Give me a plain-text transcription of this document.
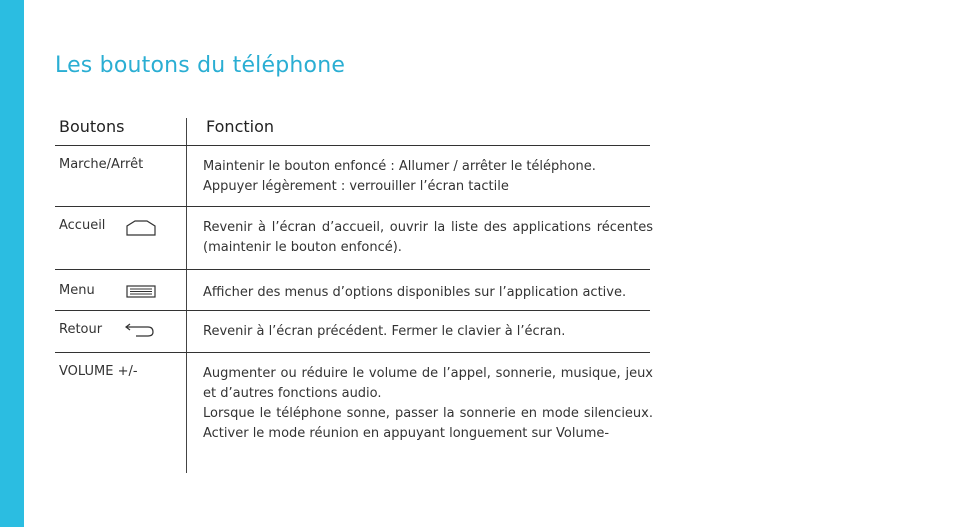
Les boutons du téléphone
Boutons	Fonction
Marche/Arrêt	Maintenir le bouton enfoncé : Allumer / arrêter le téléphone.

Appuyer légèrement : verrouiller l’écran tactile

Accueil	Revenir à l’écran d’accueil, ouvrir la liste des applications récentes (maintenir le bouton enfoncé).

Menu	Afficher des menus d’options disponibles sur l’application active.

Retour	Revenir à l’écran précédent. Fermer le clavier à l’écran.

VOLUME +/-	Augmenter ou réduire le volume de l’appel, sonnerie, musique, jeux et d’autres fonctions audio.

Lorsque le téléphone sonne, passer la sonnerie en mode silencieux. Activer le mode réunion en appuyant longuement sur Volume-
